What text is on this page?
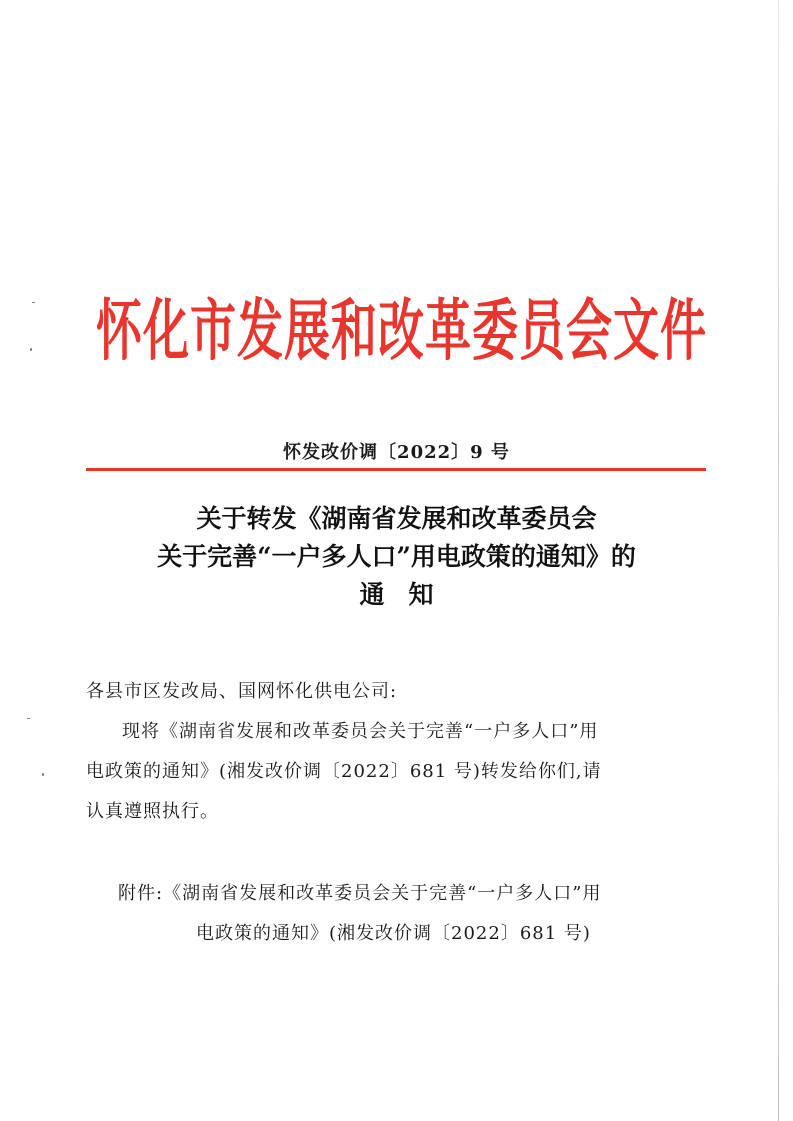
怀化市发展和改革委员会文件
怀发改价调〔2022〕9 号
关于转发《湖南省发展和改革委员会
关于完善“一户多人口”用电政策的通知》的
通知
各县市区发改局、国网怀化供电公司:
现将《湖南省发展和改革委员会关于完善“一户多人口”用
电政策的通知》(湘发改价调〔2022〕681 号)转发给你们,请
认真遵照执行。
附件:《湖南省发展和改革委员会关于完善“一户多人口”用
电政策的通知》(湘发改价调〔2022〕681 号)
